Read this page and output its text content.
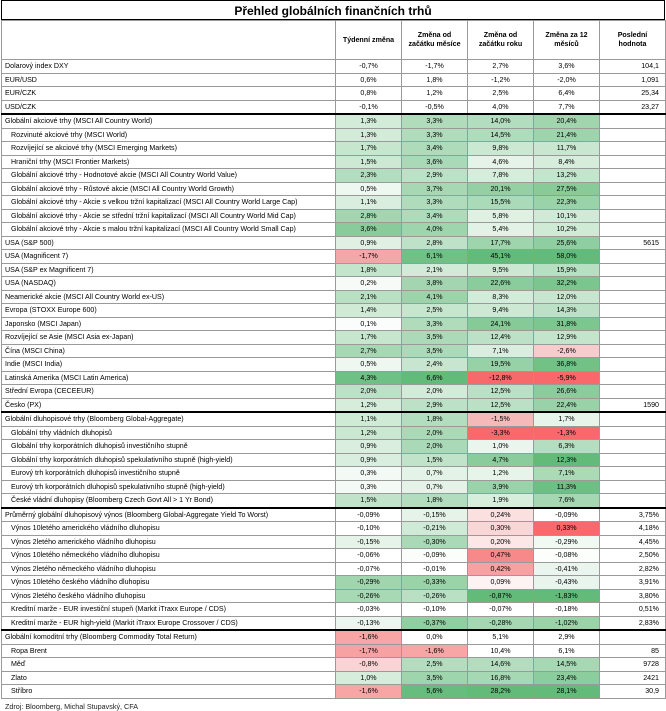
Přehled globálních finančních trhů
	Týdenní změna	Změna od začátku měsíce	Změna od začátku roku	Změna za 12 měsíců	Poslední hodnota
Dolarový index DXY	-0,7%	-1,7%	2,7%	3,6%	104,1
EUR/USD	0,6%	1,8%	-1,2%	-2,0%	1,091
EUR/CZK	0,8%	1,2%	2,5%	6,4%	25,34
USD/CZK	-0,1%	-0,5%	4,0%	7,7%	23,27
Globální akciové trhy (MSCI All Country World)	1,3%	3,3%	14,0%	20,4%	
Rozvinuté akciové trhy (MSCI World)	1,3%	3,3%	14,5%	21,4%	
Rozvíjející se akciové trhy (MSCI Emerging Markets)	1,7%	3,4%	9,8%	11,7%	
Hraniční trhy (MSCI Frontier Markets)	1,5%	3,6%	4,6%	8,4%	
Globální akciové trhy - Hodnotové akcie (MSCI All Country World Value)	2,3%	2,9%	7,8%	13,2%	
Globální akciové trhy - Růstové akcie (MSCI All Country World Growth)	0,5%	3,7%	20,1%	27,5%	
Globální akciové trhy - Akcie s velkou tržní kapitalizací (MSCI All Country World Large Cap)	1,1%	3,3%	15,5%	22,3%	
Globální akciové trhy - Akcie se střední tržní kapitalizací (MSCI All Country World Mid Cap)	2,8%	3,4%	5,8%	10,1%	
Globální akciové trhy - Akcie s malou tržní kapitalizací (MSCI All Country World Small Cap)	3,6%	4,0%	5,4%	10,2%	
USA (S&P 500)	0,9%	2,8%	17,7%	25,6%	5615
USA (Magnificent 7)	-1,7%	6,1%	45,1%	58,0%	
USA (S&P ex Magnificent 7)	1,8%	2,1%	9,5%	15,9%	
USA (NASDAQ)	0,2%	3,8%	22,6%	32,2%	
Neamerické akcie (MSCI All Country World ex-US)	2,1%	4,1%	8,3%	12,0%	
Evropa (STOXX Europe 600)	1,4%	2,5%	9,4%	14,3%	
Japonsko (MSCI Japan)	0,1%	3,3%	24,1%	31,8%	
Rozvíjející se Asie (MSCI Asia ex-Japan)	1,7%	3,5%	12,4%	12,9%	
Čína (MSCI China)	2,7%	3,5%	7,1%	-2,6%	
Indie (MSCI India)	0,5%	2,4%	19,5%	36,8%	
Latinská Amerika (MSCI Latin America)	4,3%	6,6%	-12,8%	-5,9%	
Střední Evropa (CECEEUR)	2,0%	2,0%	12,5%	26,6%	
Česko (PX)	1,2%	2,9%	12,5%	22,4%	1590
Globální dluhopisové trhy (Bloomberg Global-Aggregate)	1,1%	1,8%	-1,5%	1,7%	
Globální trhy vládních dluhopisů	1,2%	2,0%	-3,3%	-1,3%	
Globální trhy korporátních dluhopisů investičního stupně	0,9%	2,0%	1,0%	6,3%	
Globální trhy korporátních dluhopisů spekulativního stupně (high-yield)	0,9%	1,5%	4,7%	12,3%	
Eurový trh korporátních dluhopisů investičního stupně	0,3%	0,7%	1,2%	7,1%	
Eurový trh korporátních dluhopisů spekulativního stupně (high-yield)	0,3%	0,7%	3,9%	11,3%	
České vládní dluhopisy (Bloomberg Czech Govt All > 1 Yr Bond)	1,5%	1,8%	1,9%	7,6%	
Průměrný globální dluhopisový výnos (Bloomberg Global-Aggregate Yield To Worst)	-0,09%	-0,15%	0,24%	-0,09%	3,75%
Výnos 10letého amerického vládního dluhopisu	-0,10%	-0,21%	0,30%	0,33%	4,18%
Výnos 2letého amerického vládního dluhopisu	-0,15%	-0,30%	0,20%	-0,29%	4,45%
Výnos 10letého německého vládního dluhopisu	-0,06%	-0,09%	0,47%	-0,08%	2,50%
Výnos 2letého německého vládního dluhopisu	-0,07%	-0,01%	0,42%	-0,41%	2,82%
Výnos 10letého českého vládního dluhopisu	-0,29%	-0,33%	0,09%	-0,43%	3,91%
Výnos 2letého českého vládního dluhopisu	-0,26%	-0,26%	-0,87%	-1,83%	3,80%
Kreditní marže - EUR investiční stupeň (Markit iTraxx Europe / CDS)	-0,03%	-0,10%	-0,07%	-0,18%	0,51%
Kreditní marže - EUR high-yield (Markit iTraxx Europe Crossover / CDS)	-0,13%	-0,37%	-0,28%	-1,02%	2,83%
Globální komoditní trhy (Bloomberg Commodity Total Return)	-1,6%	0,0%	5,1%	2,9%	
Ropa Brent	-1,7%	-1,6%	10,4%	6,1%	85
Měď	-0,8%	2,5%	14,6%	14,5%	9728
Zlato	1,0%	3,5%	16,8%	23,4%	2421
Stříbro	-1,6%	5,6%	28,2%	28,1%	30,9
Zdroj: Bloomberg, Michal Stupavský, CFA
